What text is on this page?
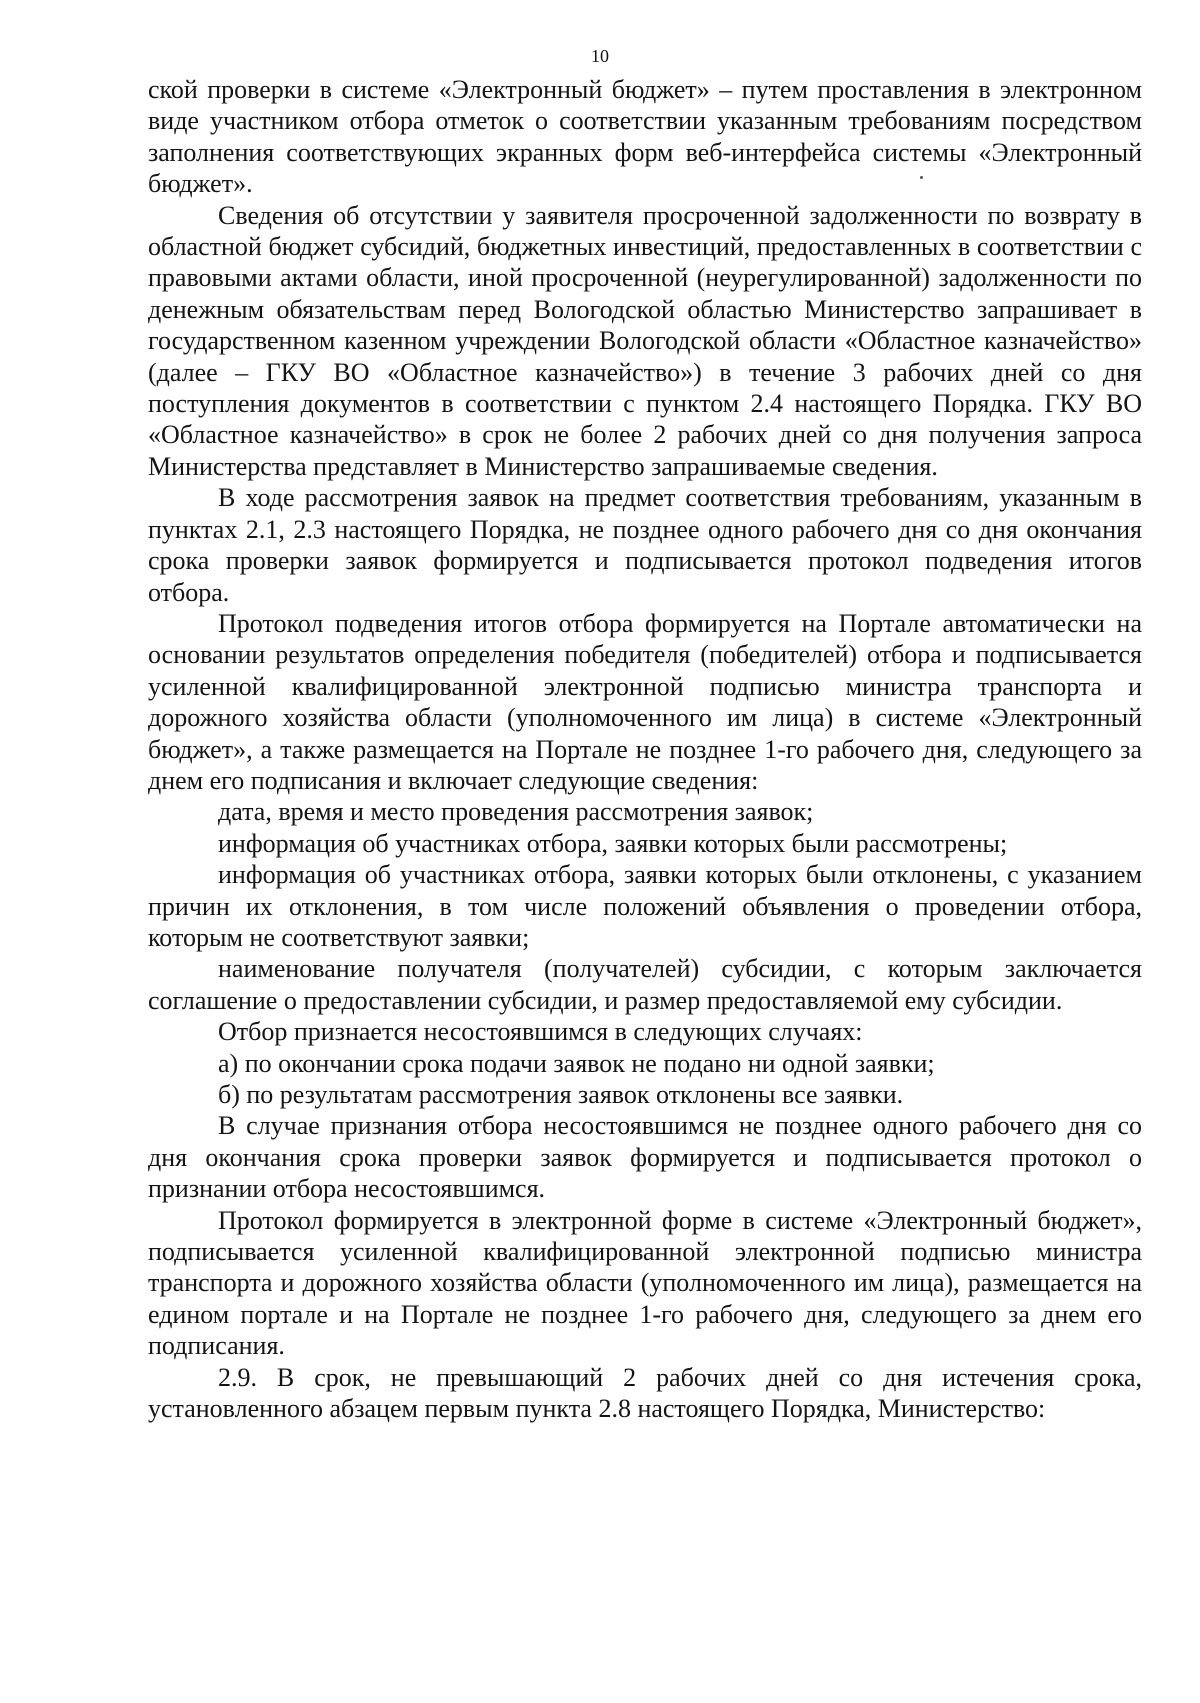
10

ской проверки в системе «Электронный бюджет» – путем проставления в электронном виде участником отбора отметок о соответствии указанным требованиям посредством заполнения соответствующих экранных форм веб-интерфейса системы «Электронный бюджет».

Сведения об отсутствии у заявителя просроченной задолженности по возврату в областной бюджет субсидий, бюджетных инвестиций, предоставленных в соответствии с правовыми актами области, иной просроченной (неурегулированной) задолженности по денежным обязательствам перед Вологодской областью Министерство запрашивает в государственном казенном учреждении Вологодской области «Областное казначейство» (далее – ГКУ ВО «Областное казначейство») в течение 3 рабочих дней со дня поступления документов в соответствии с пунктом 2.4 настоящего Порядка. ГКУ ВО «Областное казначейство» в срок не более 2 рабочих дней со дня получения запроса Министерства представляет в Министерство запрашиваемые сведения.

В ходе рассмотрения заявок на предмет соответствия требованиям, указанным в пунктах 2.1, 2.3 настоящего Порядка, не позднее одного рабочего дня со дня окончания срока проверки заявок формируется и подписывается протокол подведения итогов отбора.

Протокол подведения итогов отбора формируется на Портале автоматически на основании результатов определения победителя (победителей) отбора и подписывается усиленной квалифицированной электронной подписью министра транспорта и дорожного хозяйства области (уполномоченного им лица) в системе «Электронный бюджет», а также размещается на Портале не позднее 1-го рабочего дня, следующего за днем его подписания и включает следующие сведения:

дата, время и место проведения рассмотрения заявок;

информация об участниках отбора, заявки которых были рассмотрены;

информация об участниках отбора, заявки которых были отклонены, с указанием причин их отклонения, в том числе положений объявления о проведении отбора, которым не соответствуют заявки;

наименование получателя (получателей) субсидии, с которым заключается соглашение о предоставлении субсидии, и размер предоставляемой ему субсидии.

Отбор признается несостоявшимся в следующих случаях:

а) по окончании срока подачи заявок не подано ни одной заявки;

б) по результатам рассмотрения заявок отклонены все заявки.

В случае признания отбора несостоявшимся не позднее одного рабочего дня со дня окончания срока проверки заявок формируется и подписывается протокол о признании отбора несостоявшимся.

Протокол формируется в электронной форме в системе «Электронный бюджет», подписывается усиленной квалифицированной электронной подписью министра транспорта и дорожного хозяйства области (уполномоченного им лица), размещается на едином портале и на Портале не позднее 1-го рабочего дня, следующего за днем его подписания.

2.9. В срок, не превышающий 2 рабочих дней со дня истечения срока, установленного абзацем первым пункта 2.8 настоящего Порядка, Министерство:
